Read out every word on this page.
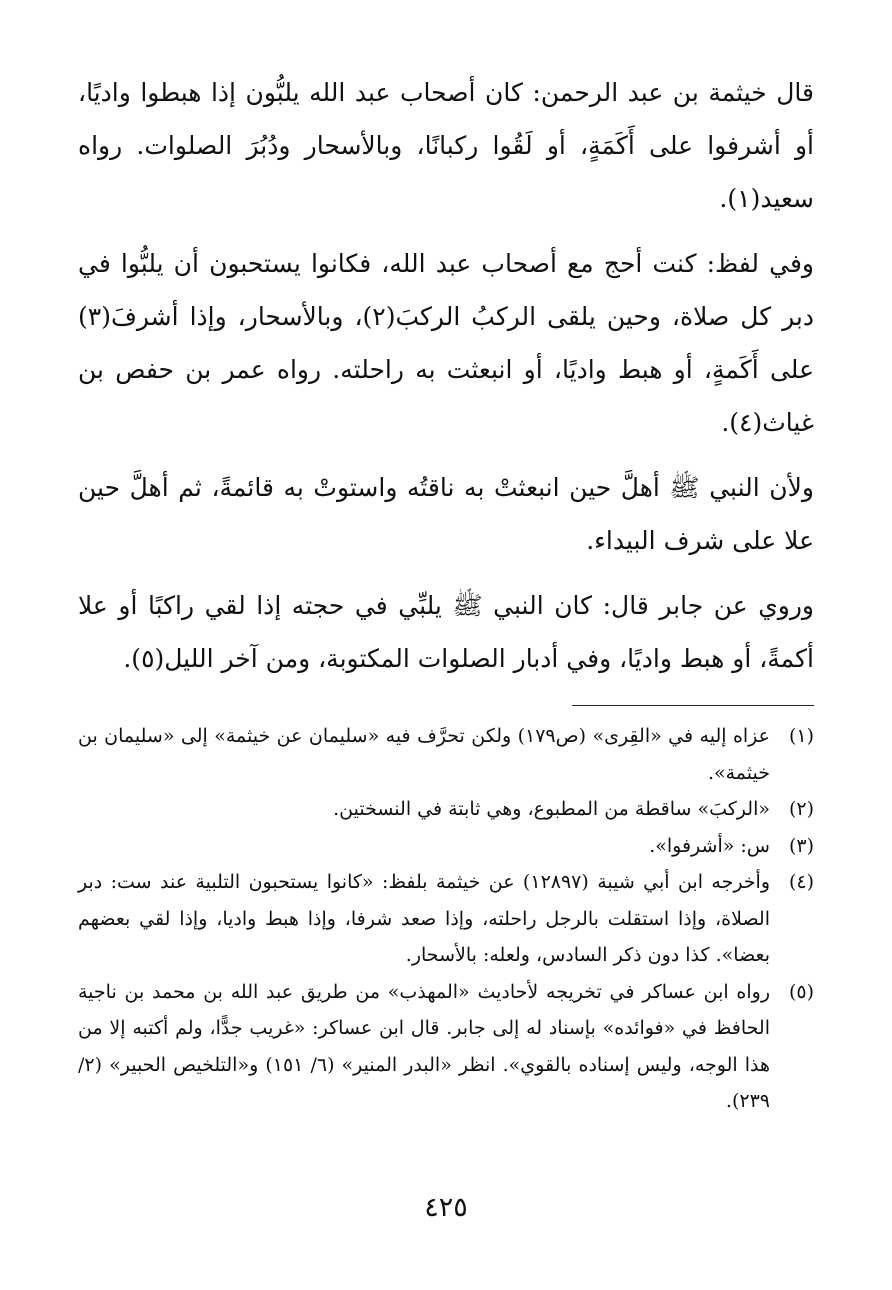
قال خيثمة بن عبد الرحمن: كان أصحاب عبد الله يلبُّون إذا هبطوا واديًا، أو أشرفوا على أَكَمَةٍ، أو لَقُوا ركبانًا، وبالأسحار ودُبُرَ الصلوات. رواه سعيد(١).

وفي لفظ: كنت أحج مع أصحاب عبد الله، فكانوا يستحبون أن يلبُّوا في دبر كل صلاة، وحين يلقى الركبُ الركبَ(٢)، وبالأسحار، وإذا أشرفَ(٣) على أَكَمةٍ، أو هبط واديًا، أو انبعثت به راحلته. رواه عمر بن حفص بن غياث(٤).

ولأن النبي ﷺ أهلَّ حين انبعثتْ به ناقتُه واستوتْ به قائمةً، ثم أهلَّ حين علا على شرف البيداء.

وروي عن جابر قال: كان النبي ﷺ يلبِّي في حجته إذا لقي راكبًا أو علا أكمةً، أو هبط واديًا، وفي أدبار الصلوات المكتوبة، ومن آخر الليل(٥).

(١)
عزاه إليه في «القِرى» (ص١٧٩) ولكن تحرَّف فيه «سليمان عن خيثمة» إلى «سليمان بن خيثمة».
(٢)
«الركبَ» ساقطة من المطبوع، وهي ثابتة في النسختين.
(٣)
س: «أشرفوا».
(٤)
وأخرجه ابن أبي شيبة (١٢٨٩٧) عن خيثمة بلفظ: «كانوا يستحبون التلبية عند ست: دبر الصلاة، وإذا استقلت بالرجل راحلته، وإذا صعد شرفا، وإذا هبط واديا، وإذا لقي بعضهم بعضا». كذا دون ذكر السادس، ولعله: بالأسحار.
(٥)
رواه ابن عساكر في تخريجه لأحاديث «المهذب» من طريق عبد الله بن محمد بن ناجية الحافظ في «فوائده» بإسناد له إلى جابر. قال ابن عساكر: «غريب جدًّا، ولم أكتبه إلا من هذا الوجه، وليس إسناده بالقوي». انظر «البدر المنير» (٦/ ١٥١) و«التلخيص الحبير» (٢/ ٢٣٩).
٤٢٥
